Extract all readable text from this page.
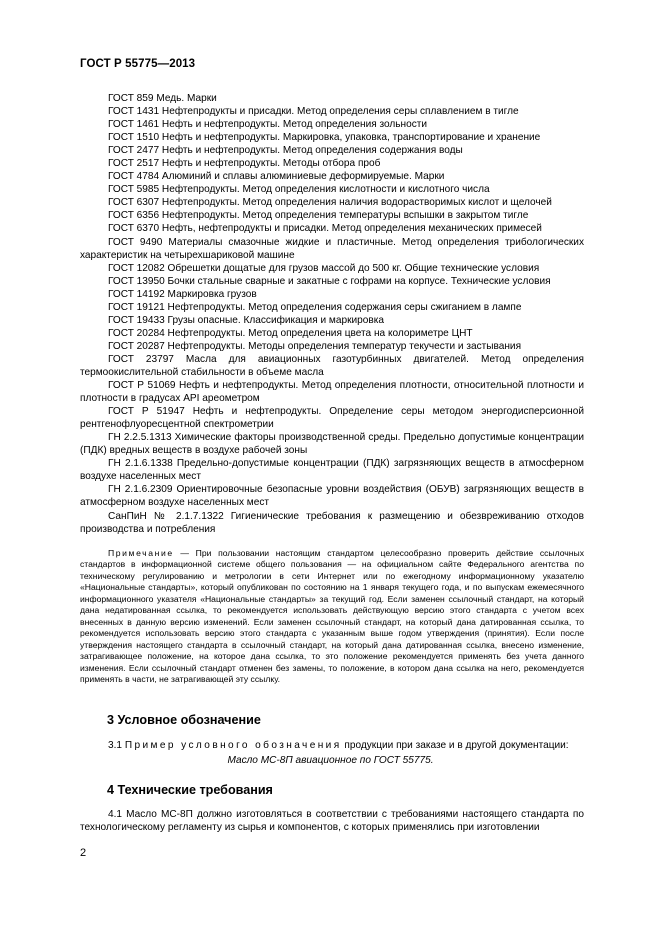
ГОСТ Р 55775—2013

ГОСТ 859 Медь. Марки

ГОСТ 1431 Нефтепродукты и присадки. Метод определения серы сплавлением в тигле

ГОСТ 1461 Нефть и нефтепродукты. Метод определения зольности

ГОСТ 1510 Нефть и нефтепродукты. Маркировка, упаковка, транспортирование и хранение

ГОСТ 2477 Нефть и нефтепродукты. Метод определения содержания воды

ГОСТ 2517 Нефть и нефтепродукты. Методы отбора проб

ГОСТ 4784 Алюминий и сплавы алюминиевые деформируемые. Марки

ГОСТ 5985 Нефтепродукты. Метод определения кислотности и кислотного числа

ГОСТ 6307 Нефтепродукты. Метод определения наличия водорастворимых кислот и щелочей

ГОСТ 6356 Нефтепродукты. Метод определения температуры вспышки в закрытом тигле

ГОСТ 6370 Нефть, нефтепродукты и присадки. Метод определения механических примесей

ГОСТ 9490 Материалы смазочные жидкие и пластичные. Метод определения трибологических характеристик на четырехшариковой машине

ГОСТ 12082 Обрешетки дощатые для грузов массой до 500 кг. Общие технические условия

ГОСТ 13950 Бочки стальные сварные и закатные с гофрами на корпусе. Технические условия

ГОСТ 14192 Маркировка грузов

ГОСТ 19121 Нефтепродукты. Метод определения содержания серы сжиганием в лампе

ГОСТ 19433 Грузы опасные. Классификация и маркировка

ГОСТ 20284 Нефтепродукты. Метод определения цвета на колориметре ЦНТ

ГОСТ 20287 Нефтепродукты. Методы определения температур текучести и застывания

ГОСТ 23797 Масла для авиационных газотурбинных двигателей. Метод определения термоокислительной стабильности в объеме масла

ГОСТ Р 51069 Нефть и нефтепродукты. Метод определения плотности, относительной плотности и плотности в градусах API ареометром

ГОСТ Р 51947 Нефть и нефтепродукты. Определение серы методом энергодисперсионной рентгенофлуоресцентной спектрометрии

ГН 2.2.5.1313 Химические факторы производственной среды. Предельно допустимые концентрации (ПДК) вредных веществ в воздухе рабочей зоны

ГН 2.1.6.1338 Предельно-допустимые концентрации (ПДК) загрязняющих веществ в атмосферном воздухе населенных мест

ГН 2.1.6.2309 Ориентировочные безопасные уровни воздействия (ОБУВ) загрязняющих веществ в атмосферном воздухе населенных мест

СанПиН № 2.1.7.1322 Гигиенические требования к размещению и обезвреживанию отходов производства и потребления

Примечание — При пользовании настоящим стандартом целесообразно проверить действие ссылочных стандартов в информационной системе общего пользования — на официальном сайте Федерального агентства по техническому регулированию и метрологии в сети Интернет или по ежегодному информационному указателю «Национальные стандарты», который опубликован по состоянию на 1 января текущего года, и по выпускам ежемесячного информационного указателя «Национальные стандарты» за текущий год. Если заменен ссылочный стандарт, на который дана недатированная ссылка, то рекомендуется использовать действующую версию этого стандарта с учетом всех внесенных в данную версию изменений. Если заменен ссылочный стандарт, на который дана датированная ссылка, то рекомендуется использовать версию этого стандарта с указанным выше годом утверждения (принятия). Если после утверждения настоящего стандарта в ссылочный стандарт, на который дана датированная ссылка, внесено изменение, затрагивающее положение, на которое дана ссылка, то это положение рекомендуется применять без учета данного изменения. Если ссылочный стандарт отменен без замены, то положение, в котором дана ссылка на него, рекомендуется применять в части, не затрагивающей эту ссылку.

3 Условное обозначение

3.1 Пример условного обозначения продукции при заказе и в другой документации:

Масло МС-8П авиационное по ГОСТ 55775.
4 Технические требования

4.1 Масло МС-8П должно изготовляться в соответствии с требованиями настоящего стандарта по технологическому регламенту из сырья и компонентов, с которых применялись при изготовлении

2
